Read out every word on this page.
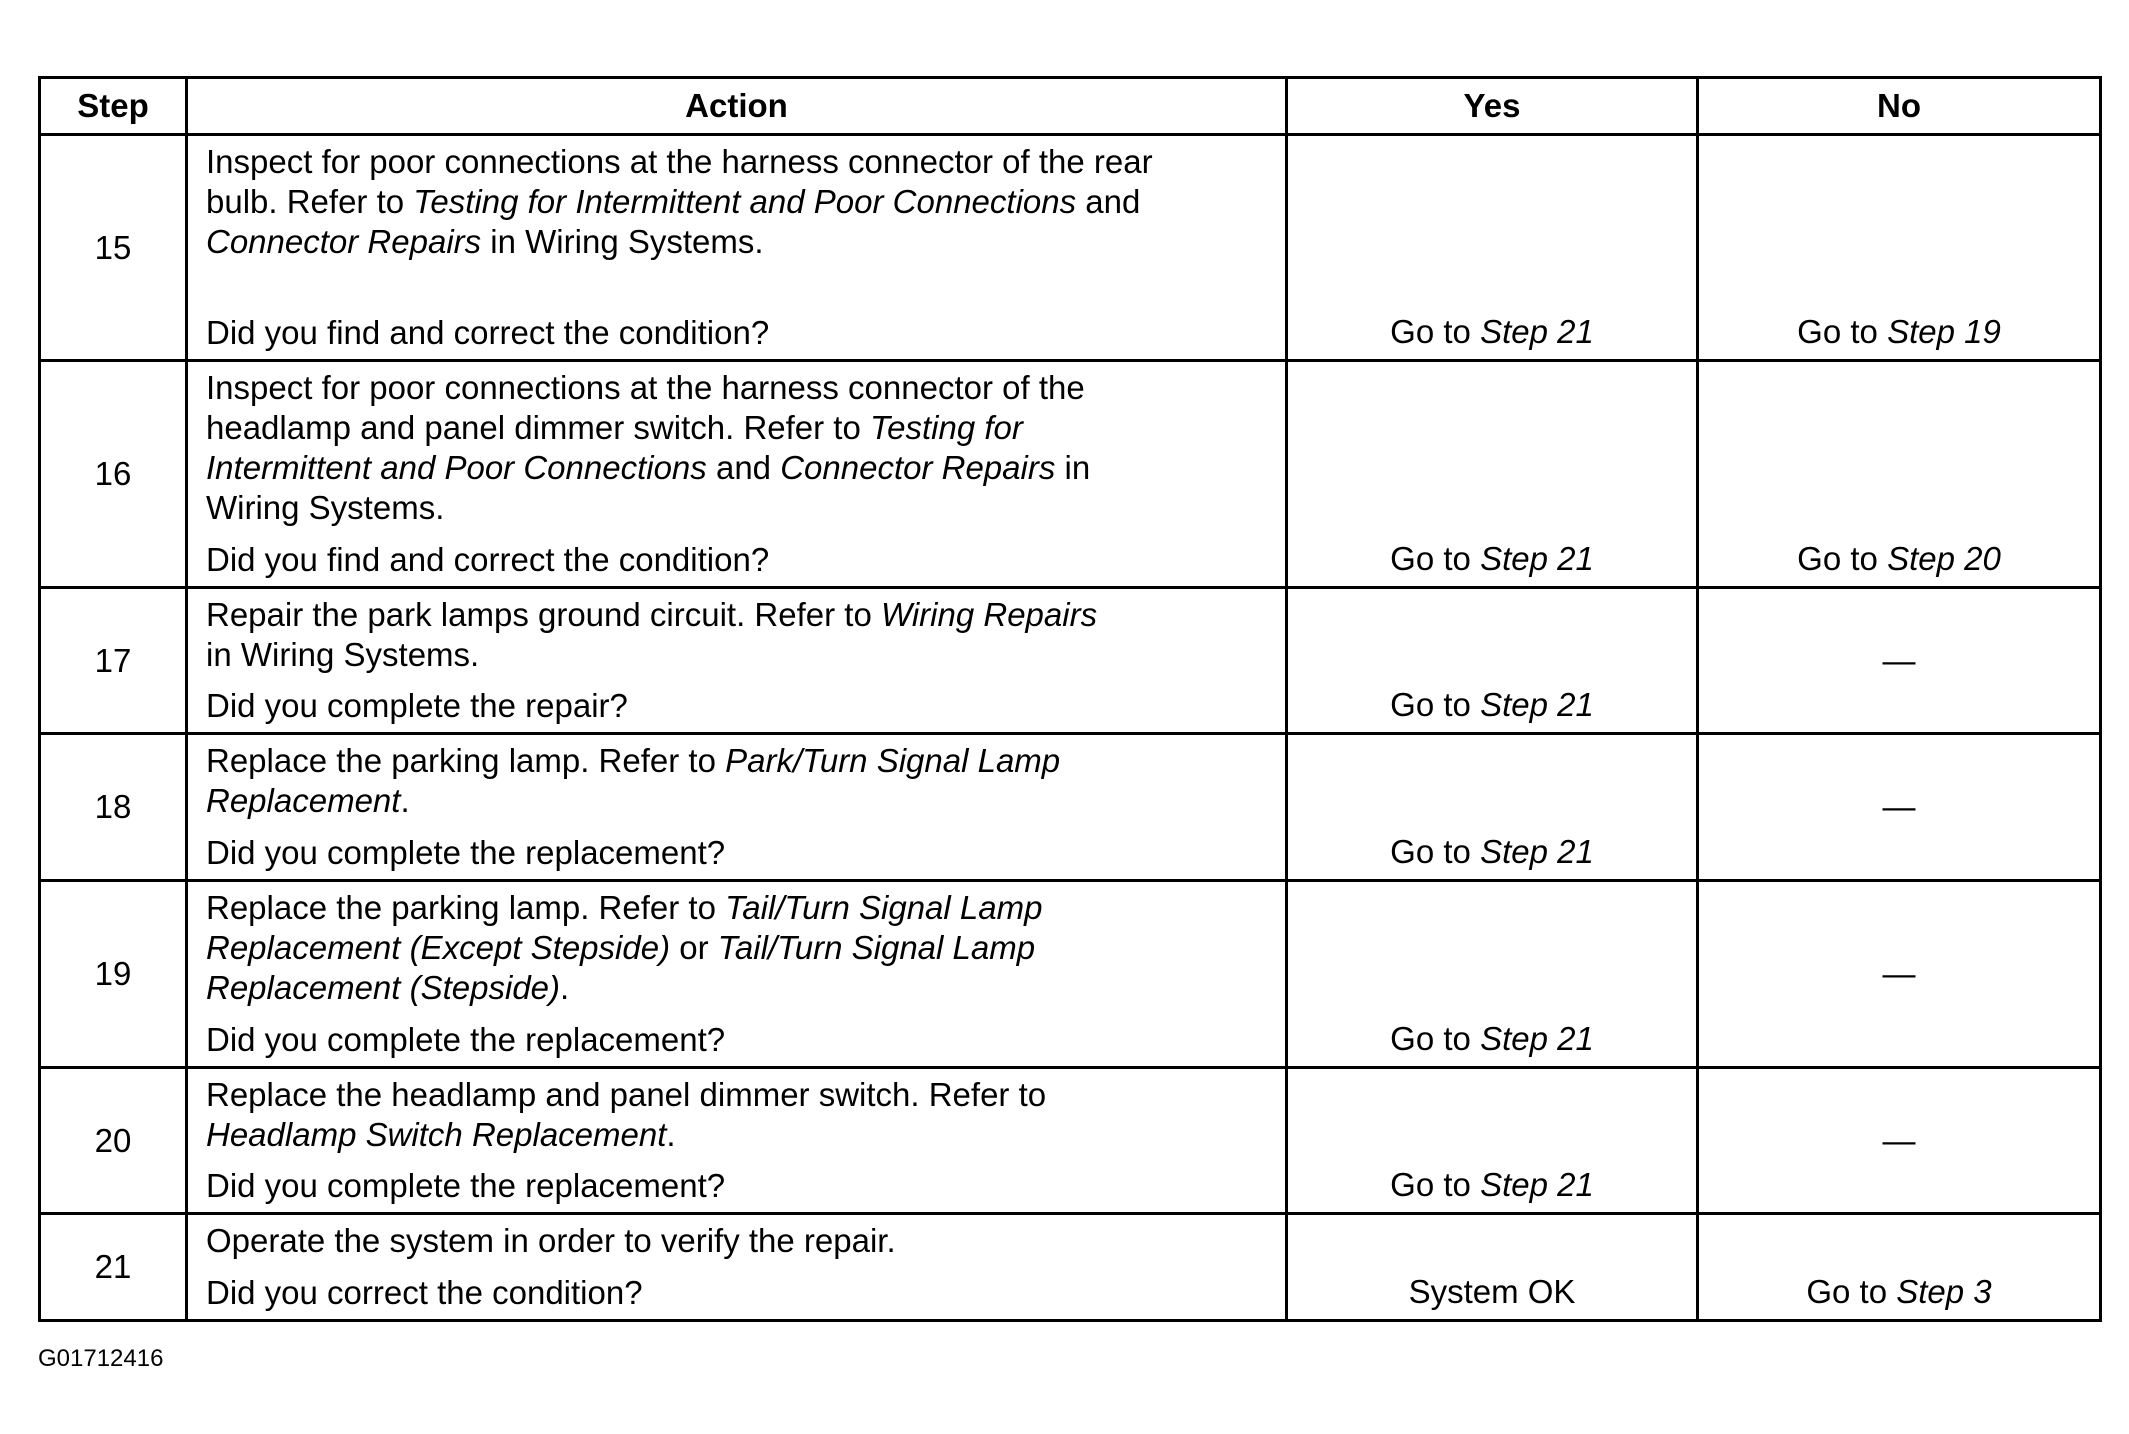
Step	Action	Yes	No
15	Inspect for poor connections at the harness connector of the rear
bulb. Refer to Testing for Intermittent and Poor Connections and
Connector Repairs in Wiring Systems.
Did you find and correct the condition?	Go to Step 21	Go to Step 19
16	Inspect for poor connections at the harness connector of the
headlamp and panel dimmer switch. Refer to Testing for
Intermittent and Poor Connections and Connector Repairs in
Wiring Systems.
Did you find and correct the condition?	Go to Step 21	Go to Step 20
17	Repair the park lamps ground circuit. Refer to Wiring Repairs
in Wiring Systems.
Did you complete the repair?	Go to Step 21	—
18	Replace the parking lamp. Refer to Park/Turn Signal Lamp
Replacement.
Did you complete the replacement?	Go to Step 21	—
19	Replace the parking lamp. Refer to Tail/Turn Signal Lamp
Replacement (Except Stepside) or Tail/Turn Signal Lamp
Replacement (Stepside).
Did you complete the replacement?	Go to Step 21	—
20	Replace the headlamp and panel dimmer switch. Refer to
Headlamp Switch Replacement.
Did you complete the replacement?	Go to Step 21	—
21	Operate the system in order to verify the repair.
Did you correct the condition?	System OK	Go to Step 3
G01712416
